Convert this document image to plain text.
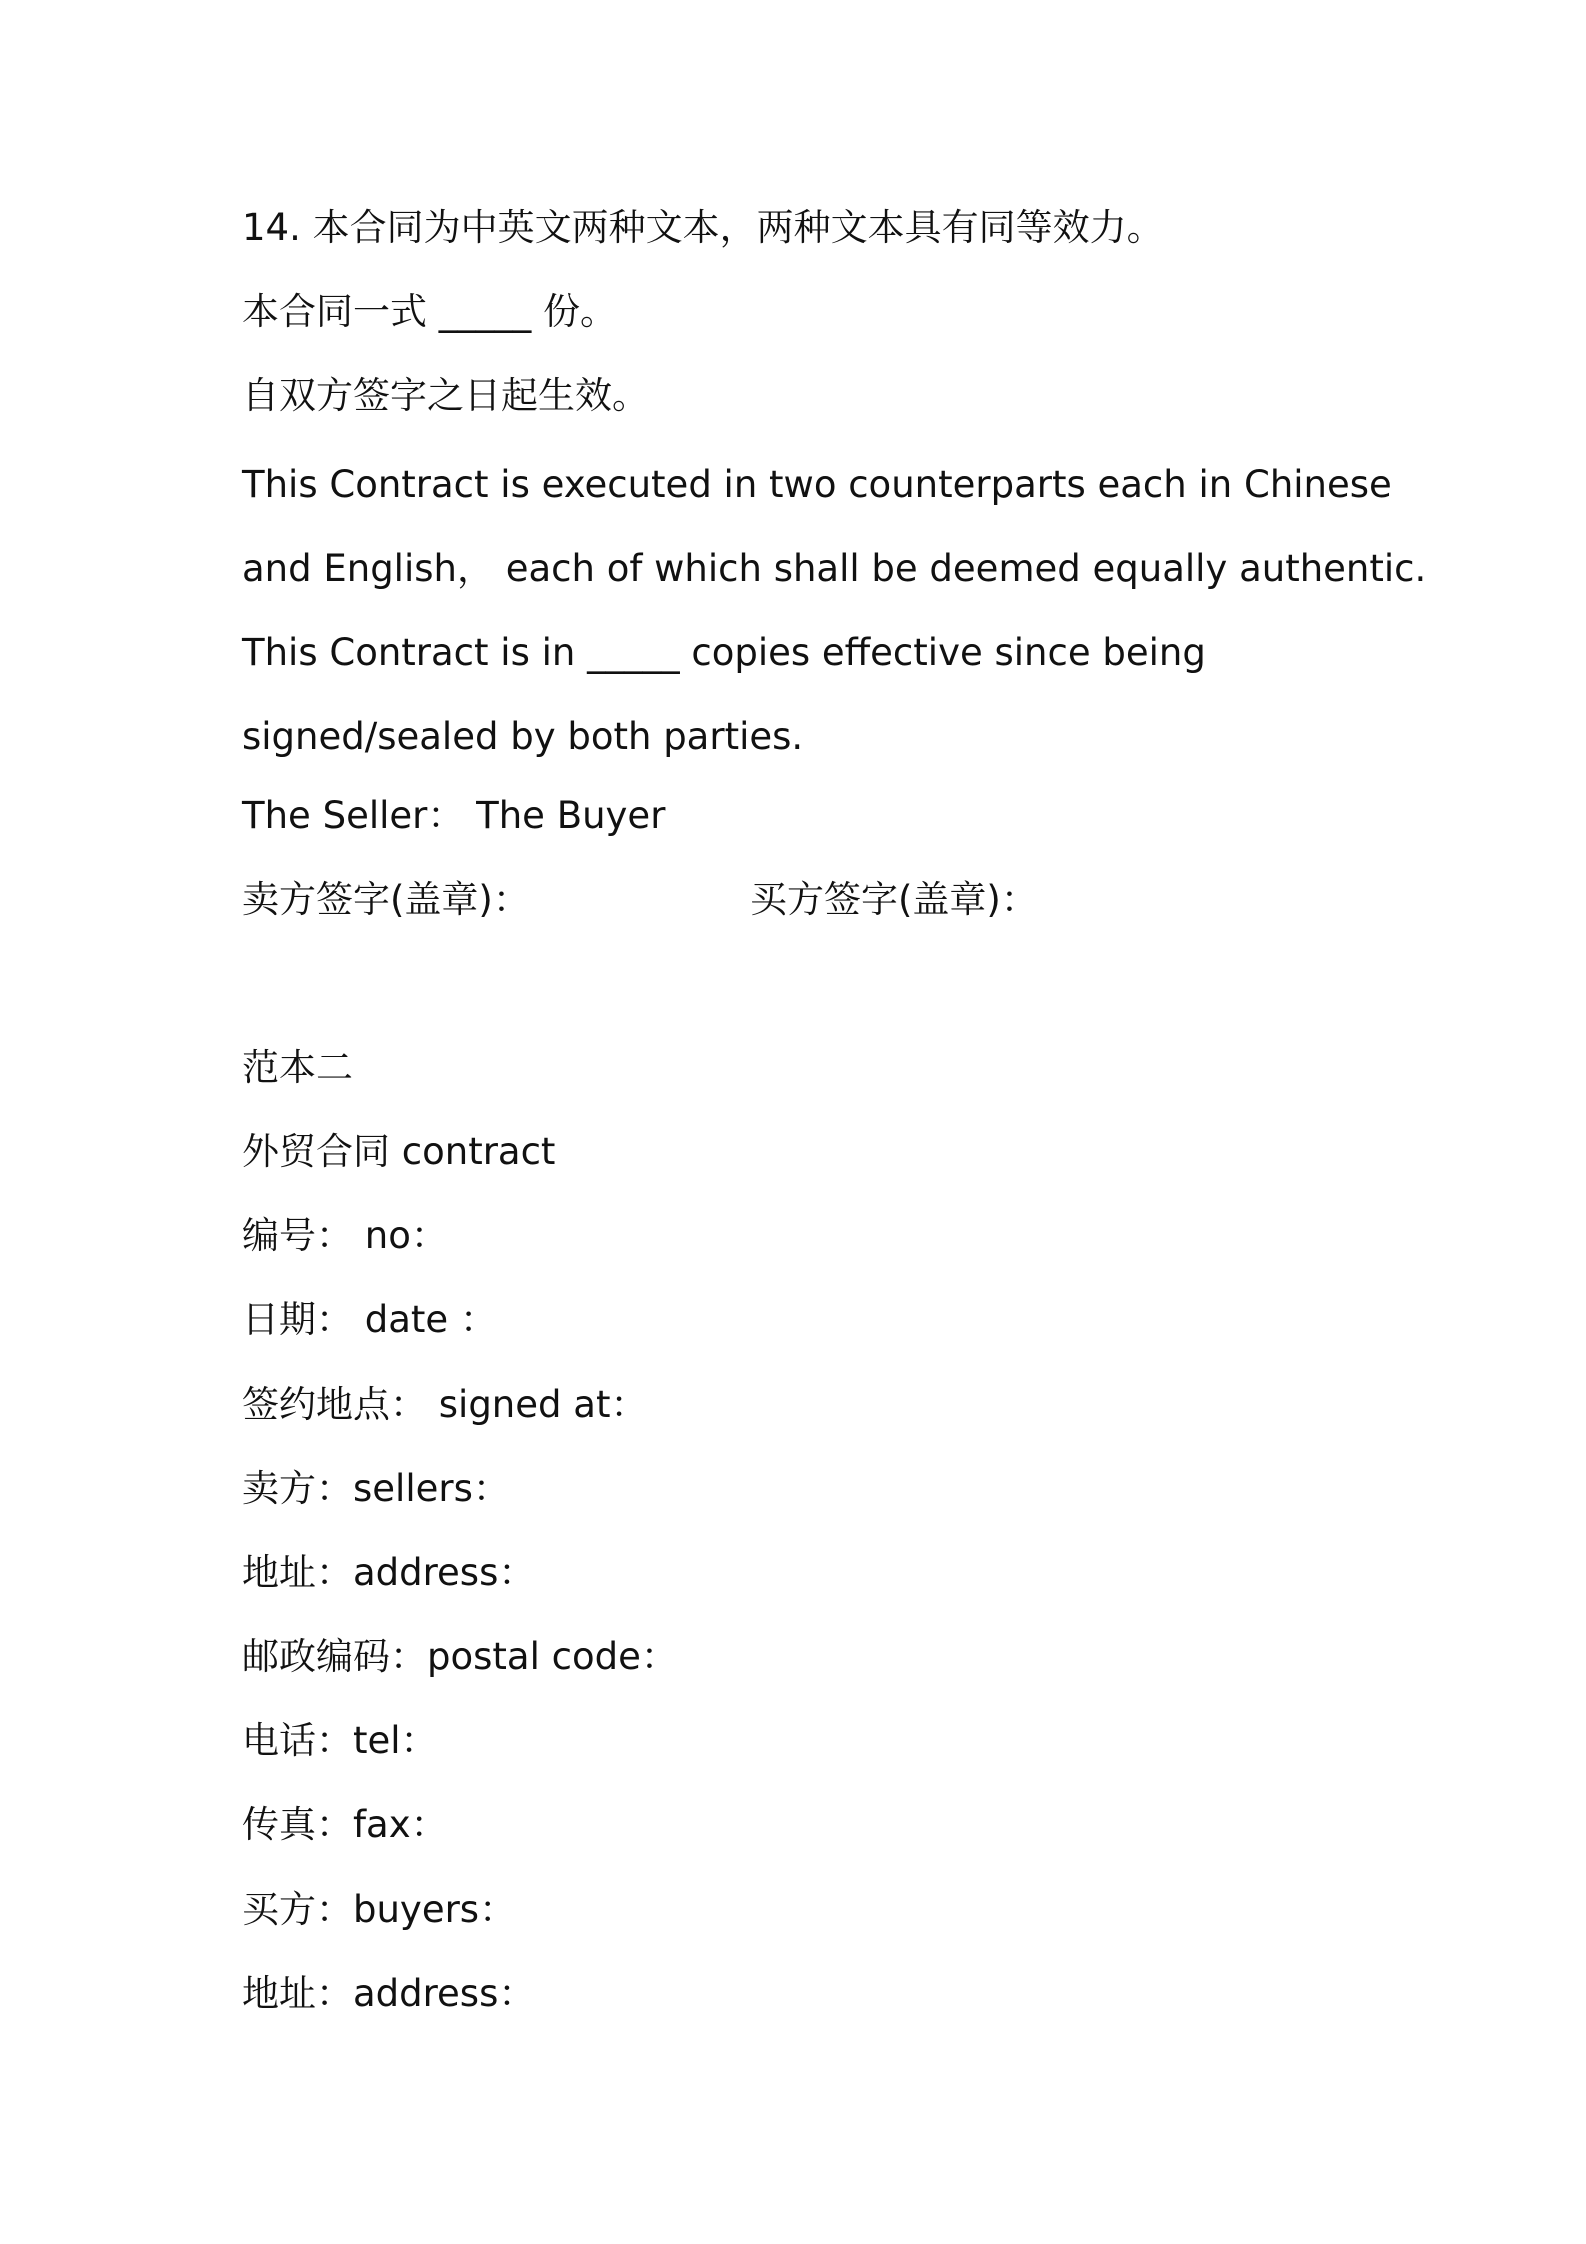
14. 本合同为中英文两种文本，两种文本具有同等效力。
本合同一式 _____ 份。
自双方签字之日起生效。
This Contract is executed in two counterparts each in Chinese
and English， each of which shall be deemed equally authentic.
This Contract is in _____ copies effective since being
signed/sealed by both parties.
The Seller： The Buyer
卖方签字(盖章)：	买方签字(盖章)：
范本二
外贸合同 contract
编号： no：
日期： date ：
签约地点： signed at：
卖方：sellers：
地址：address：
邮政编码：postal code：
电话：tel：
传真：fax：
买方：buyers：
地址：address：
